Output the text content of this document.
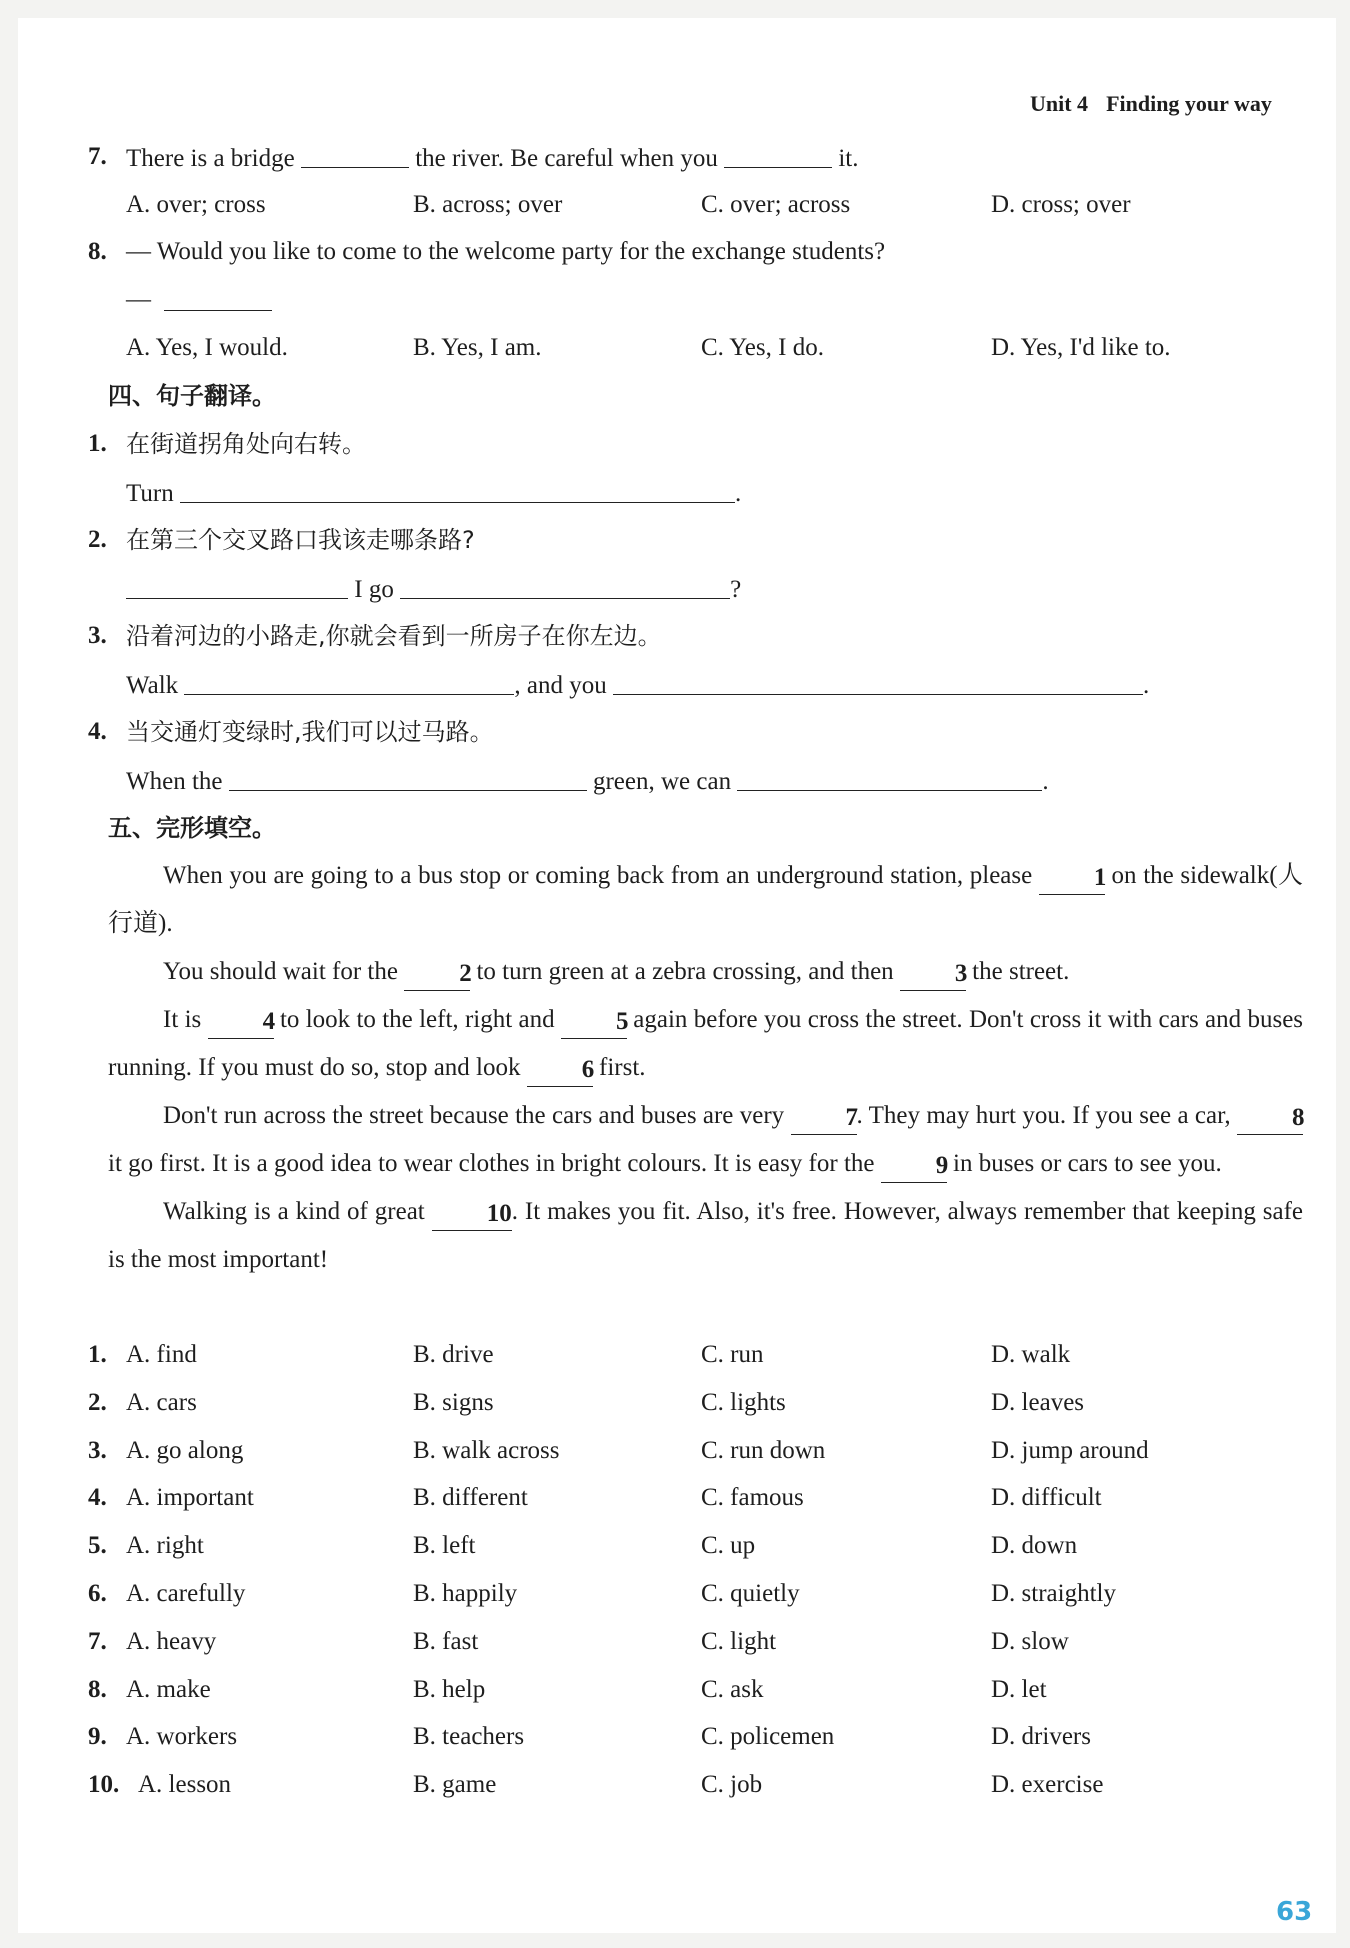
Unit 4 Finding your way
7. There is a bridge	the river. Be careful when you	it.
A. over; cross	B. across; over	C. over; across	D. cross; over
8. — Would you like to come to the welcome party for the exchange students?
—
A. Yes, I would.	B. Yes, I am.	C. Yes, I do.	D. Yes, I'd like to.
四、句子翻译。
1. 在街道拐角处向右转。
Turn	.
2. 在第三个交叉路口我该走哪条路?
I go	?
3. 沿着河边的小路走,你就会看到一所房子在你左边。
Walk	, and you	.
4. 当交通灯变绿时,我们可以过马路。
When the	green, we can	.
五、完形填空。

When you are going to a bus stop or coming back from an underground station, please 1 on the sidewalk(人行道).

You should wait for the 2 to turn green at a zebra crossing, and then 3 the street.

It is 4 to look to the left, right and 5 again before you cross the street. Don't cross it with cars and buses running. If you must do so, stop and look 6 first.

Don't run across the street because the cars and buses are very 7. They may hurt you. If you see a car, 8 it go first. It is a good idea to wear clothes in bright colours. It is easy for the 9 in buses or cars to see you.

Walking is a kind of great 10. It makes you fit. Also, it's free. However, always remember that keeping safe is the most important!

1. A. find	B. drive	C. run	D. walk
2. A. cars	B. signs	C. lights	D. leaves
3. A. go along	B. walk across	C. run down	D. jump around
4. A. important	B. different	C. famous	D. difficult
5. A. right	B. left	C. up	D. down
6. A. carefully	B. happily	C. quietly	D. straightly
7. A. heavy	B. fast	C. light	D. slow
8. A. make	B. help	C. ask	D. let
9. A. workers	B. teachers	C. policemen	D. drivers
10. A. lesson	B. game	C. job	D. exercise
63
